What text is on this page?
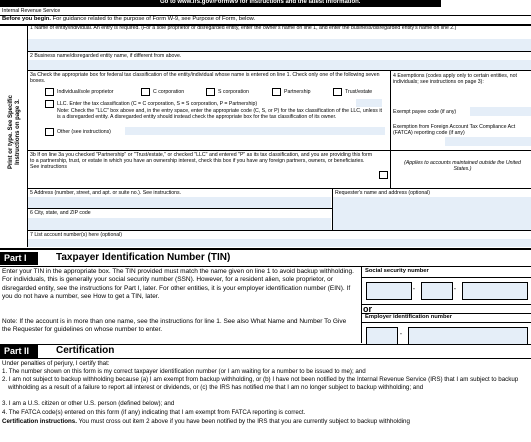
Go to www.irs.gov/FormW9 for instructions and the latest information.
Internal Revenue Service
Before you begin. For guidance related to the purpose of Form W-9, see Purpose of Form, below.
Print or type. See Specific Instructions on page 3.
1 Name of entity/individual. An entry is required. (For a sole proprietor or disregarded entity, enter the owner's name on line 1, and enter the business/disregarded entity's name on line 2.)
2 Business name/disregarded entity name, if different from above.
3a Check the appropriate box for federal tax classification of the entity/individual whose name is entered on line 1. Check only one of the following seven boxes.
Individual/sole proprietor	C corporation	S corporation	Partnership	Trust/estate
LLC. Enter the tax classification (C = C corporation, S = S corporation, P = Partnership)
Note: Check the "LLC" box above and, in the entry space, enter the appropriate code (C, S, or P) for the tax classification of the LLC, unless it is a disregarded entity. A disregarded entity should instead check the appropriate box for the tax classification of its owner.
Other (see instructions)
4 Exemptions (codes apply only to certain entities, not individuals; see instructions on page 3):
Exempt payee code (if any)
Exemption from Foreign Account Tax Compliance Act (FATCA) reporting code (if any)
3b If on line 3a you checked "Partnership" or "Trust/estate," or checked "LLC" and entered "P" as its tax classification, and you are providing this form to a partnership, trust, or estate in which you have an ownership interest, check this box if you have any foreign partners, owners, or beneficiaries. See instructions
(Applies to accounts maintained outside the United States.)
5 Address (number, street, and apt. or suite no.). See instructions.	Requester's name and address (optional)
6 City, state, and ZIP code
7 List account number(s) here (optional)
Part I	Taxpayer Identification Number (TIN)
Enter your TIN in the appropriate box. The TIN provided must match the name given on line 1 to avoid backup withholding. For individuals, this is generally your social security number (SSN). However, for a resident alien, sole proprietor, or disregarded entity, see the instructions for Part I, later. For other entities, it is your employer identification number (EIN). If you do not have a number, see How to get a TIN, later.
Note: If the account is in more than one name, see the instructions for line 1. See also What Name and Number To Give the Requester for guidelines on whose number to enter.
Social security number
-	-
or
Employer identification number
-
Part II	Certification
Under penalties of perjury, I certify that:
1. The number shown on this form is my correct taxpayer identification number (or I am waiting for a number to be issued to me); and
2. I am not subject to backup withholding because (a) I am exempt from backup withholding, or (b) I have not been notified by the Internal Revenue Service (IRS) that I am subject to backup withholding as a result of a failure to report all interest or dividends, or (c) the IRS has notified me that I am no longer subject to backup withholding; and
3. I am a U.S. citizen or other U.S. person (defined below); and
4. The FATCA code(s) entered on this form (if any) indicating that I am exempt from FATCA reporting is correct.
Certification instructions. You must cross out item 2 above if you have been notified by the IRS that you are currently subject to backup withholding
